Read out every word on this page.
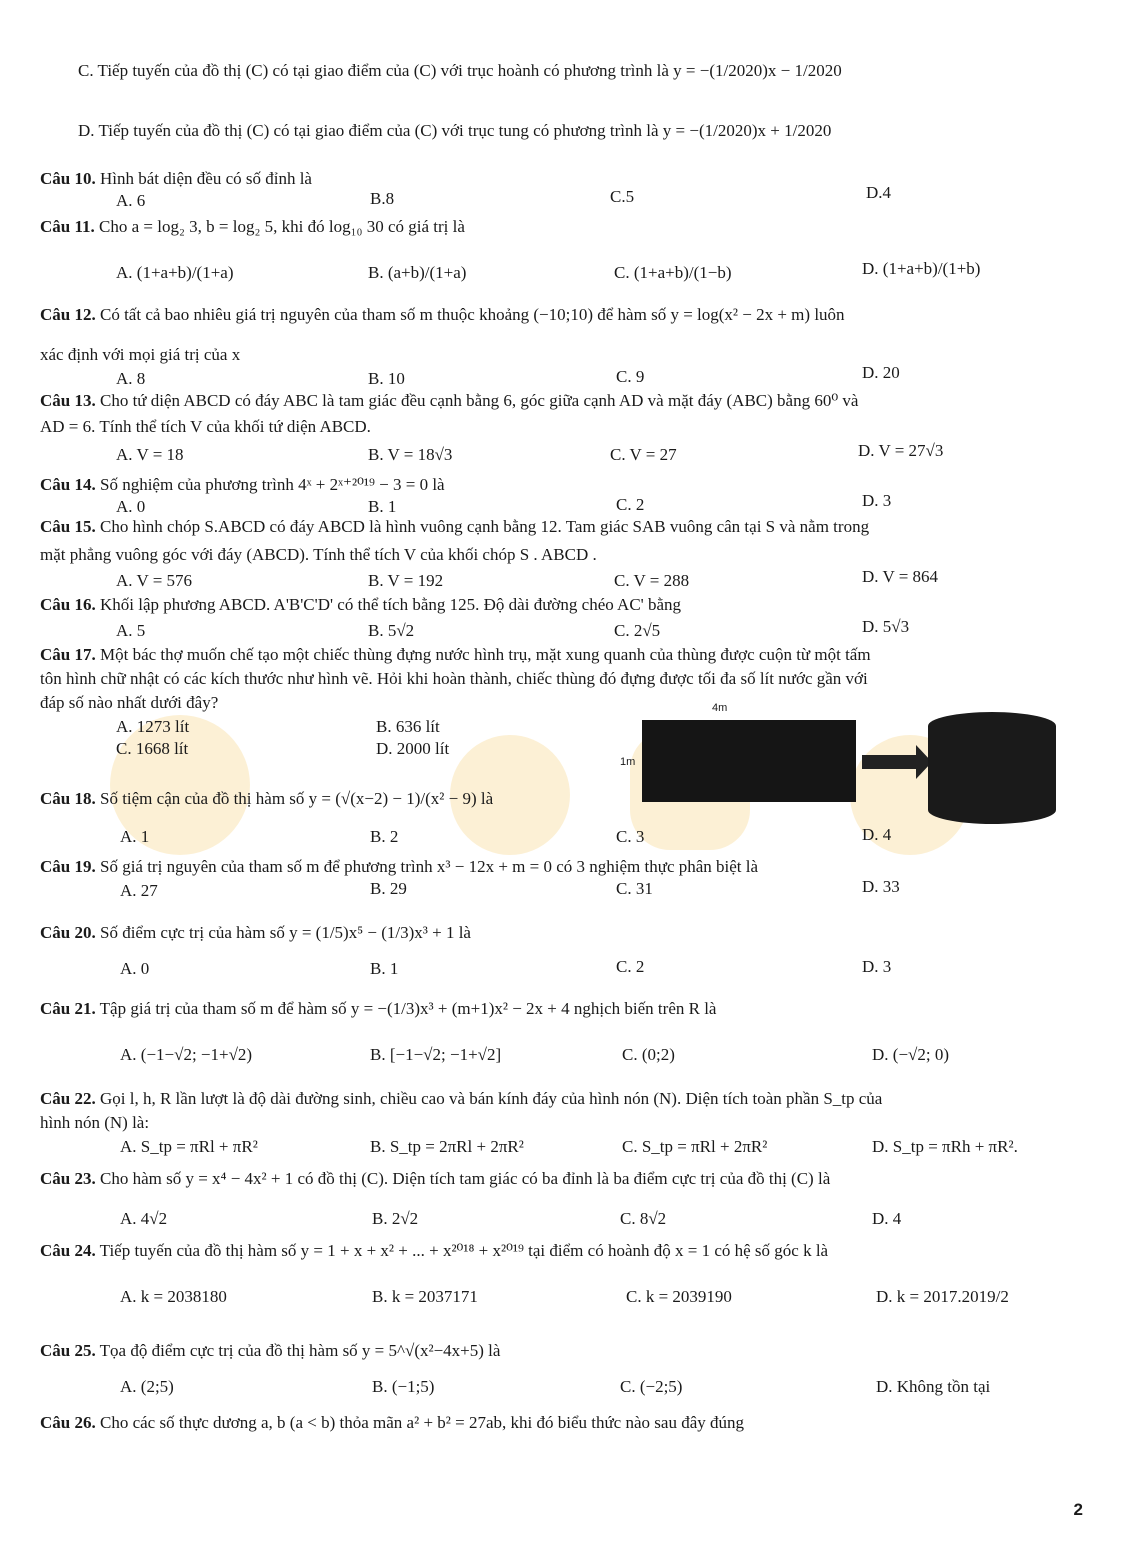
C. Tiếp tuyến của đồ thị (C) có tại giao điểm của (C) với trục hoành có phương trình là y = −(1/2020)x − 1/2020
D. Tiếp tuyến của đồ thị (C) có tại giao điểm của (C) với trục tung có phương trình là y = −(1/2020)x + 1/2020
Câu 10. Hình bát diện đều có số đỉnh là
A. 6	B.8	C.5	D.4
Câu 11. Cho a = log₂ 3, b = log₂ 5, khi đó log₁₀ 30 có giá trị là
A. (1+a+b)/(1+a)	B. (a+b)/(1+a)	C. (1+a+b)/(1−b)	D. (1+a+b)/(1+b)
Câu 12. Có tất cả bao nhiêu giá trị nguyên của tham số m thuộc khoảng (−10;10) để hàm số y = log(x² − 2x + m) luôn
xác định với mọi giá trị của x
A. 8	B. 10	C. 9	D. 20
Câu 13. Cho tứ diện ABCD có đáy ABC là tam giác đều cạnh bằng 6, góc giữa cạnh AD và mặt đáy (ABC) bằng 60⁰ và
AD = 6. Tính thể tích V của khối tứ diện ABCD.
A. V = 18	B. V = 18√3	C. V = 27	D. V = 27√3
Câu 14. Số nghiệm của phương trình 4ˣ + 2ˣ⁺²⁰¹⁹ − 3 = 0 là
A. 0	B. 1	C. 2	D. 3
Câu 15. Cho hình chóp S.ABCD có đáy ABCD là hình vuông cạnh bằng 12. Tam giác SAB vuông cân tại S và nằm trong
mặt phẳng vuông góc với đáy (ABCD). Tính thể tích V của khối chóp S . ABCD .
A. V = 576	B. V = 192	C. V = 288	D. V = 864
Câu 16. Khối lập phương ABCD. A'B'C'D' có thể tích bằng 125. Độ dài đường chéo AC' bằng
A. 5	B. 5√2	C. 2√5	D. 5√3
Câu 17. Một bác thợ muốn chế tạo một chiếc thùng đựng nước hình trụ, mặt xung quanh của thùng được cuộn từ một tấm
tôn hình chữ nhật có các kích thước như hình vẽ. Hỏi khi hoàn thành, chiếc thùng đó đựng được tối đa số lít nước gần với
đáp số nào nhất dưới đây?
A. 1273 lít	B. 636 lít
C. 1668 lít	D. 2000 lít
4m
1m
Câu 18. Số tiệm cận của đồ thị hàm số y = (√(x−2) − 1)/(x² − 9) là
A. 1	B. 2	C. 3	D. 4
Câu 19. Số giá trị nguyên của tham số m để phương trình x³ − 12x + m = 0 có 3 nghiệm thực phân biệt là
A. 27	B. 29	C. 31	D. 33
Câu 20. Số điểm cực trị của hàm số y = (1/5)x⁵ − (1/3)x³ + 1 là
A. 0	B. 1	C. 2	D. 3
Câu 21. Tập giá trị của tham số m để hàm số y = −(1/3)x³ + (m+1)x² − 2x + 4 nghịch biến trên R là
A. (−1−√2; −1+√2)	B. [−1−√2; −1+√2]	C. (0;2)	D. (−√2; 0)
Câu 22. Gọi l, h, R lần lượt là độ dài đường sinh, chiều cao và bán kính đáy của hình nón (N). Diện tích toàn phần S_tp của
hình nón (N) là:
A. S_tp = πRl + πR²	B. S_tp = 2πRl + 2πR²	C. S_tp = πRl + 2πR²	D. S_tp = πRh + πR².
Câu 23. Cho hàm số y = x⁴ − 4x² + 1 có đồ thị (C). Diện tích tam giác có ba đỉnh là ba điểm cực trị của đồ thị (C) là
A. 4√2	B. 2√2	C. 8√2	D. 4
Câu 24. Tiếp tuyến của đồ thị hàm số y = 1 + x + x² + ... + x²⁰¹⁸ + x²⁰¹⁹ tại điểm có hoành độ x = 1 có hệ số góc k là
A. k = 2038180	B. k = 2037171	C. k = 2039190	D. k = 2017.2019/2
Câu 25. Tọa độ điểm cực trị của đồ thị hàm số y = 5^√(x²−4x+5) là
A. (2;5)	B. (−1;5)	C. (−2;5)	D. Không tồn tại
Câu 26. Cho các số thực dương a, b (a < b) thỏa mãn a² + b² = 27ab, khi đó biểu thức nào sau đây đúng
2
